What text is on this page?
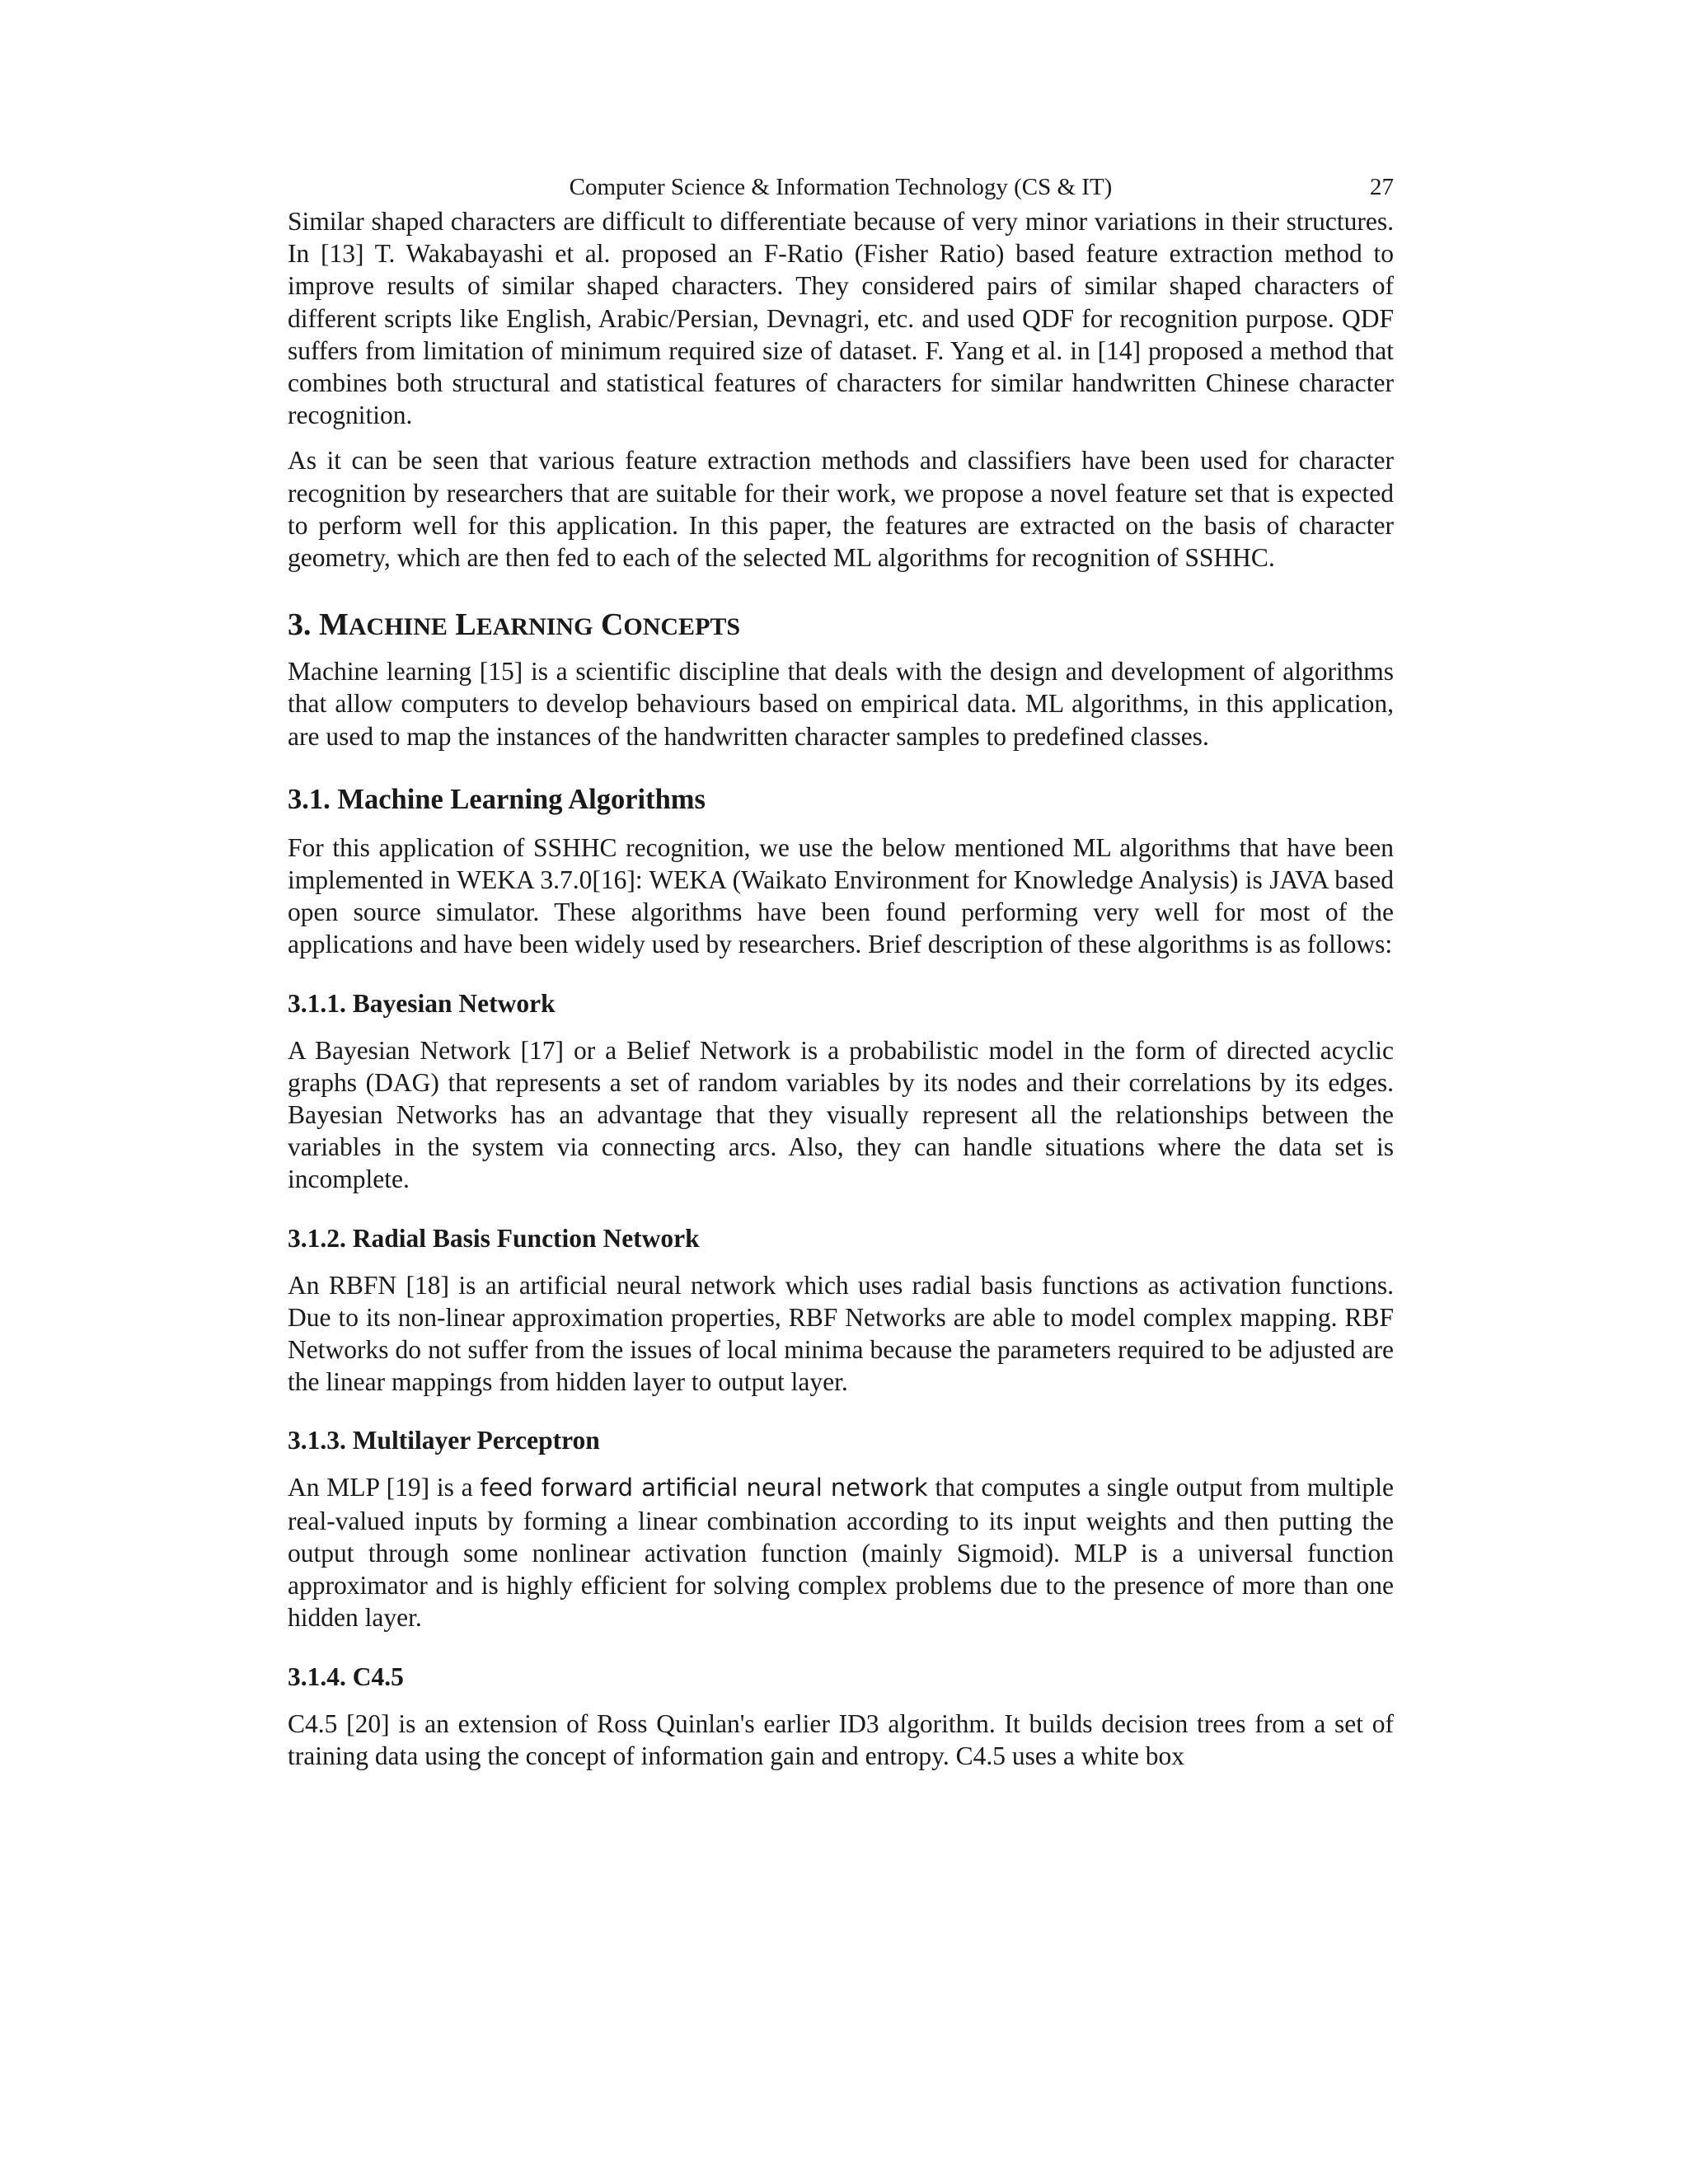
Computer Science & Information Technology (CS & IT)	27

Similar shaped characters are difficult to differentiate because of very minor variations in their structures. In [13] T. Wakabayashi et al. proposed an F-Ratio (Fisher Ratio) based feature extraction method to improve results of similar shaped characters. They considered pairs of similar shaped characters of different scripts like English, Arabic/Persian, Devnagri, etc. and used QDF for recognition purpose. QDF suffers from limitation of minimum required size of dataset. F. Yang et al. in [14] proposed a method that combines both structural and statistical features of characters for similar handwritten Chinese character recognition.

As it can be seen that various feature extraction methods and classifiers have been used for character recognition by researchers that are suitable for their work, we propose a novel feature set that is expected to perform well for this application. In this paper, the features are extracted on the basis of character geometry, which are then fed to each of the selected ML algorithms for recognition of SSHHC.

3. MACHINE LEARNING CONCEPTS

Machine learning [15] is a scientific discipline that deals with the design and development of algorithms that allow computers to develop behaviours based on empirical data. ML algorithms, in this application, are used to map the instances of the handwritten character samples to predefined classes.

3.1. Machine Learning Algorithms

For this application of SSHHC recognition, we use the below mentioned ML algorithms that have been implemented in WEKA 3.7.0[16]: WEKA (Waikato Environment for Knowledge Analysis) is JAVA based open source simulator. These algorithms have been found performing very well for most of the applications and have been widely used by researchers. Brief description of these algorithms is as follows:

3.1.1. Bayesian Network

A Bayesian Network [17] or a Belief Network is a probabilistic model in the form of directed acyclic graphs (DAG) that represents a set of random variables by its nodes and their correlations by its edges. Bayesian Networks has an advantage that they visually represent all the relationships between the variables in the system via connecting arcs. Also, they can handle situations where the data set is incomplete.

3.1.2. Radial Basis Function Network

An RBFN [18] is an artificial neural network which uses radial basis functions as activation functions. Due to its non-linear approximation properties, RBF Networks are able to model complex mapping. RBF Networks do not suffer from the issues of local minima because the parameters required to be adjusted are the linear mappings from hidden layer to output layer.

3.1.3. Multilayer Perceptron

An MLP [19] is a feed forward artificial neural network that computes a single output from multiple real-valued inputs by forming a linear combination according to its input weights and then putting the output through some nonlinear activation function (mainly Sigmoid). MLP is a universal function approximator and is highly efficient for solving complex problems due to the presence of more than one hidden layer.

3.1.4. C4.5

C4.5 [20] is an extension of Ross Quinlan's earlier ID3 algorithm. It builds decision trees from a set of training data using the concept of information gain and entropy. C4.5 uses a white box
